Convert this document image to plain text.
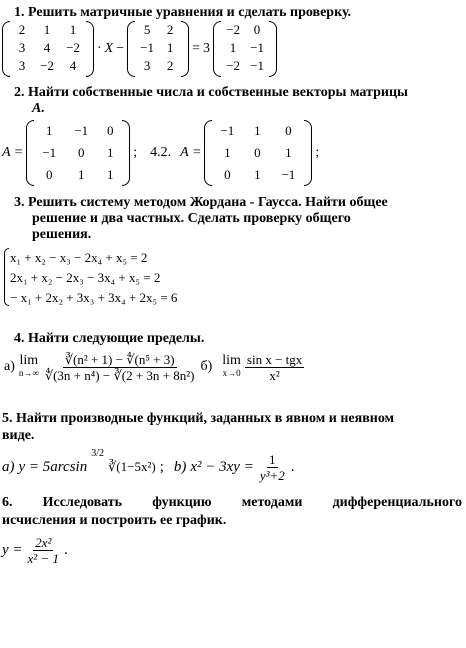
1. Решить матричные уравнения и сделать проверку.
2	1	1
3	4	−2
3	−2	4
· X −
5	2
−1 1
3	2
= 3
−2	0
1	−1
−2 −1
2. Найти собственные числа и собственные векторы матрицы
A.
A =
1	−1	0
−1	0	1
0	1	1
; 4.2. A =
−1	1	0
1	0	1
0	1	−1
;
3. Решить систему методом Жордана - Гаусса. Найти общее
решение и два частных. Сделать проверку общего
решения.
x₁ + x₂ − x₃ − 2x₄ + x₅ = 2
2x₁ + x₂ − 2x₃ − 3x₄ + x₅ = 2
− x₁ + 2x₂ + 3x₃ + 3x₄ + 2x₅ = 6
4. Найти следующие пределы.
а) lim
$n\to\infty \frac{\text{∛(n² + 1) − ∜(n⁵ + 3)}}{\text{∜(3n + n⁴) − ∛(2 + 3n + 8n²)}} б$) lim
$x\to 0 \frac{\text{sin x − tgx}}{\text{x²}}$
5. Найти производные функций, заданных в явном и неявном
виде.
a) y = 5arcsin
3/2
∛(1−5x²) ; b) $x^2 - 3xy = \frac{1}{\text{y³+2}}$ .
6. Исследовать функцию методами дифференциального
исчисления и построить ее график.
$y = \frac{\text{2x²}}{\text{x² − 1}}$ .
